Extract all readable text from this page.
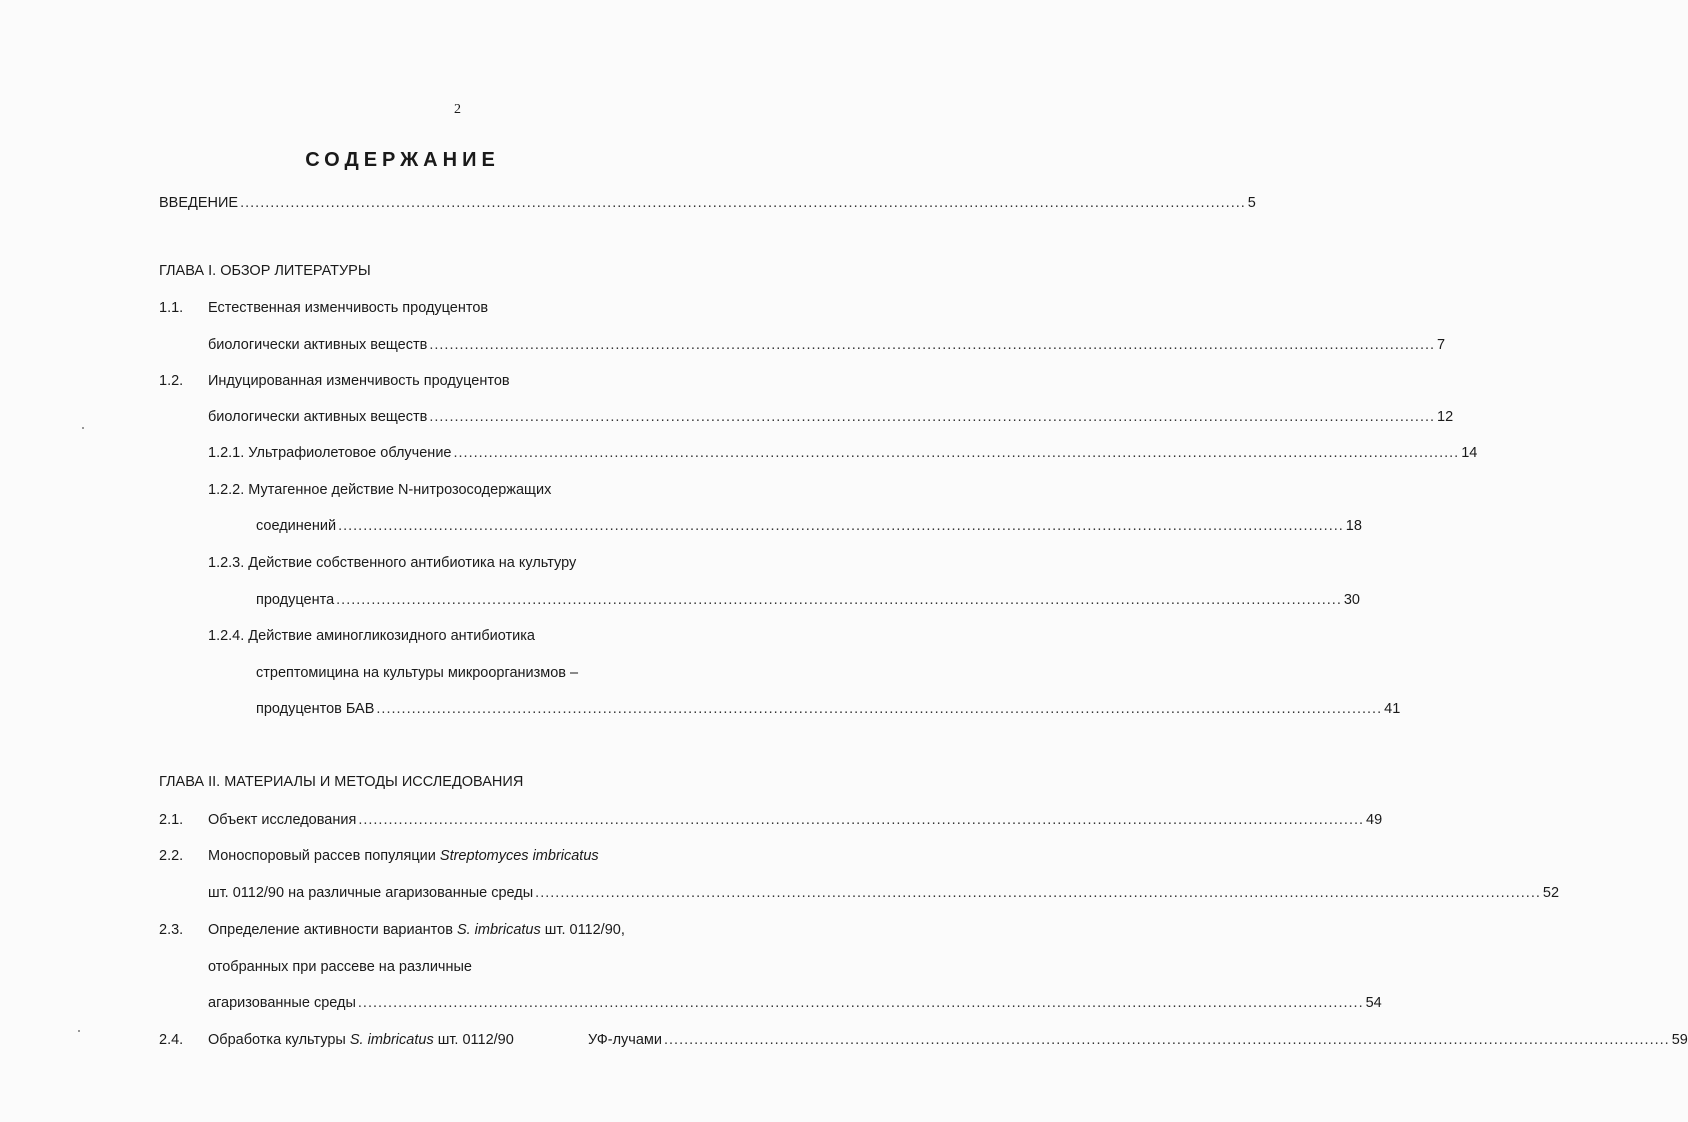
2
СОДЕРЖАНИЕ
ВВЕДЕНИЕ ........................................................................................................................................................................................................ 5
ГЛАВА I. ОБЗОР ЛИТЕРАТУРЫ
1.1. Естественная изменчивость продуцентов
биологически активных веществ ........................................................................................................................................................................................................ 7
1.2. Индуцированная изменчивость продуцентов
биологически активных веществ ........................................................................................................................................................................................................ 12
1.2.1. Ультрафиолетовое облучение ........................................................................................................................................................................................................ 14
1.2.2. Мутагенное действие N-нитрозосодержащих
соединений ........................................................................................................................................................................................................ 18
1.2.3. Действие собственного антибиотика на культуру
продуцента ........................................................................................................................................................................................................ 30
1.2.4. Действие аминогликозидного антибиотика
стрептомицина на культуры микроорганизмов –
продуцентов БАВ ........................................................................................................................................................................................................ 41
ГЛАВА II. МАТЕРИАЛЫ И МЕТОДЫ ИССЛЕДОВАНИЯ
2.1. Объект исследования ........................................................................................................................................................................................................ 49
2.2. Моноспоровый рассев популяции Streptomyces imbricatus
шт. 0112/90 на различные агаризованные среды ........................................................................................................................................................................................................ 52
2.3. Определение активности вариантов S. imbricatus шт. 0112/90,
отобранных при рассеве на различные
агаризованные среды ........................................................................................................................................................................................................ 54
2.4. Обработка культуры S. imbricatus шт. 0112/90	УФ-лучами ........................................................................................................................................................................................................ 59
